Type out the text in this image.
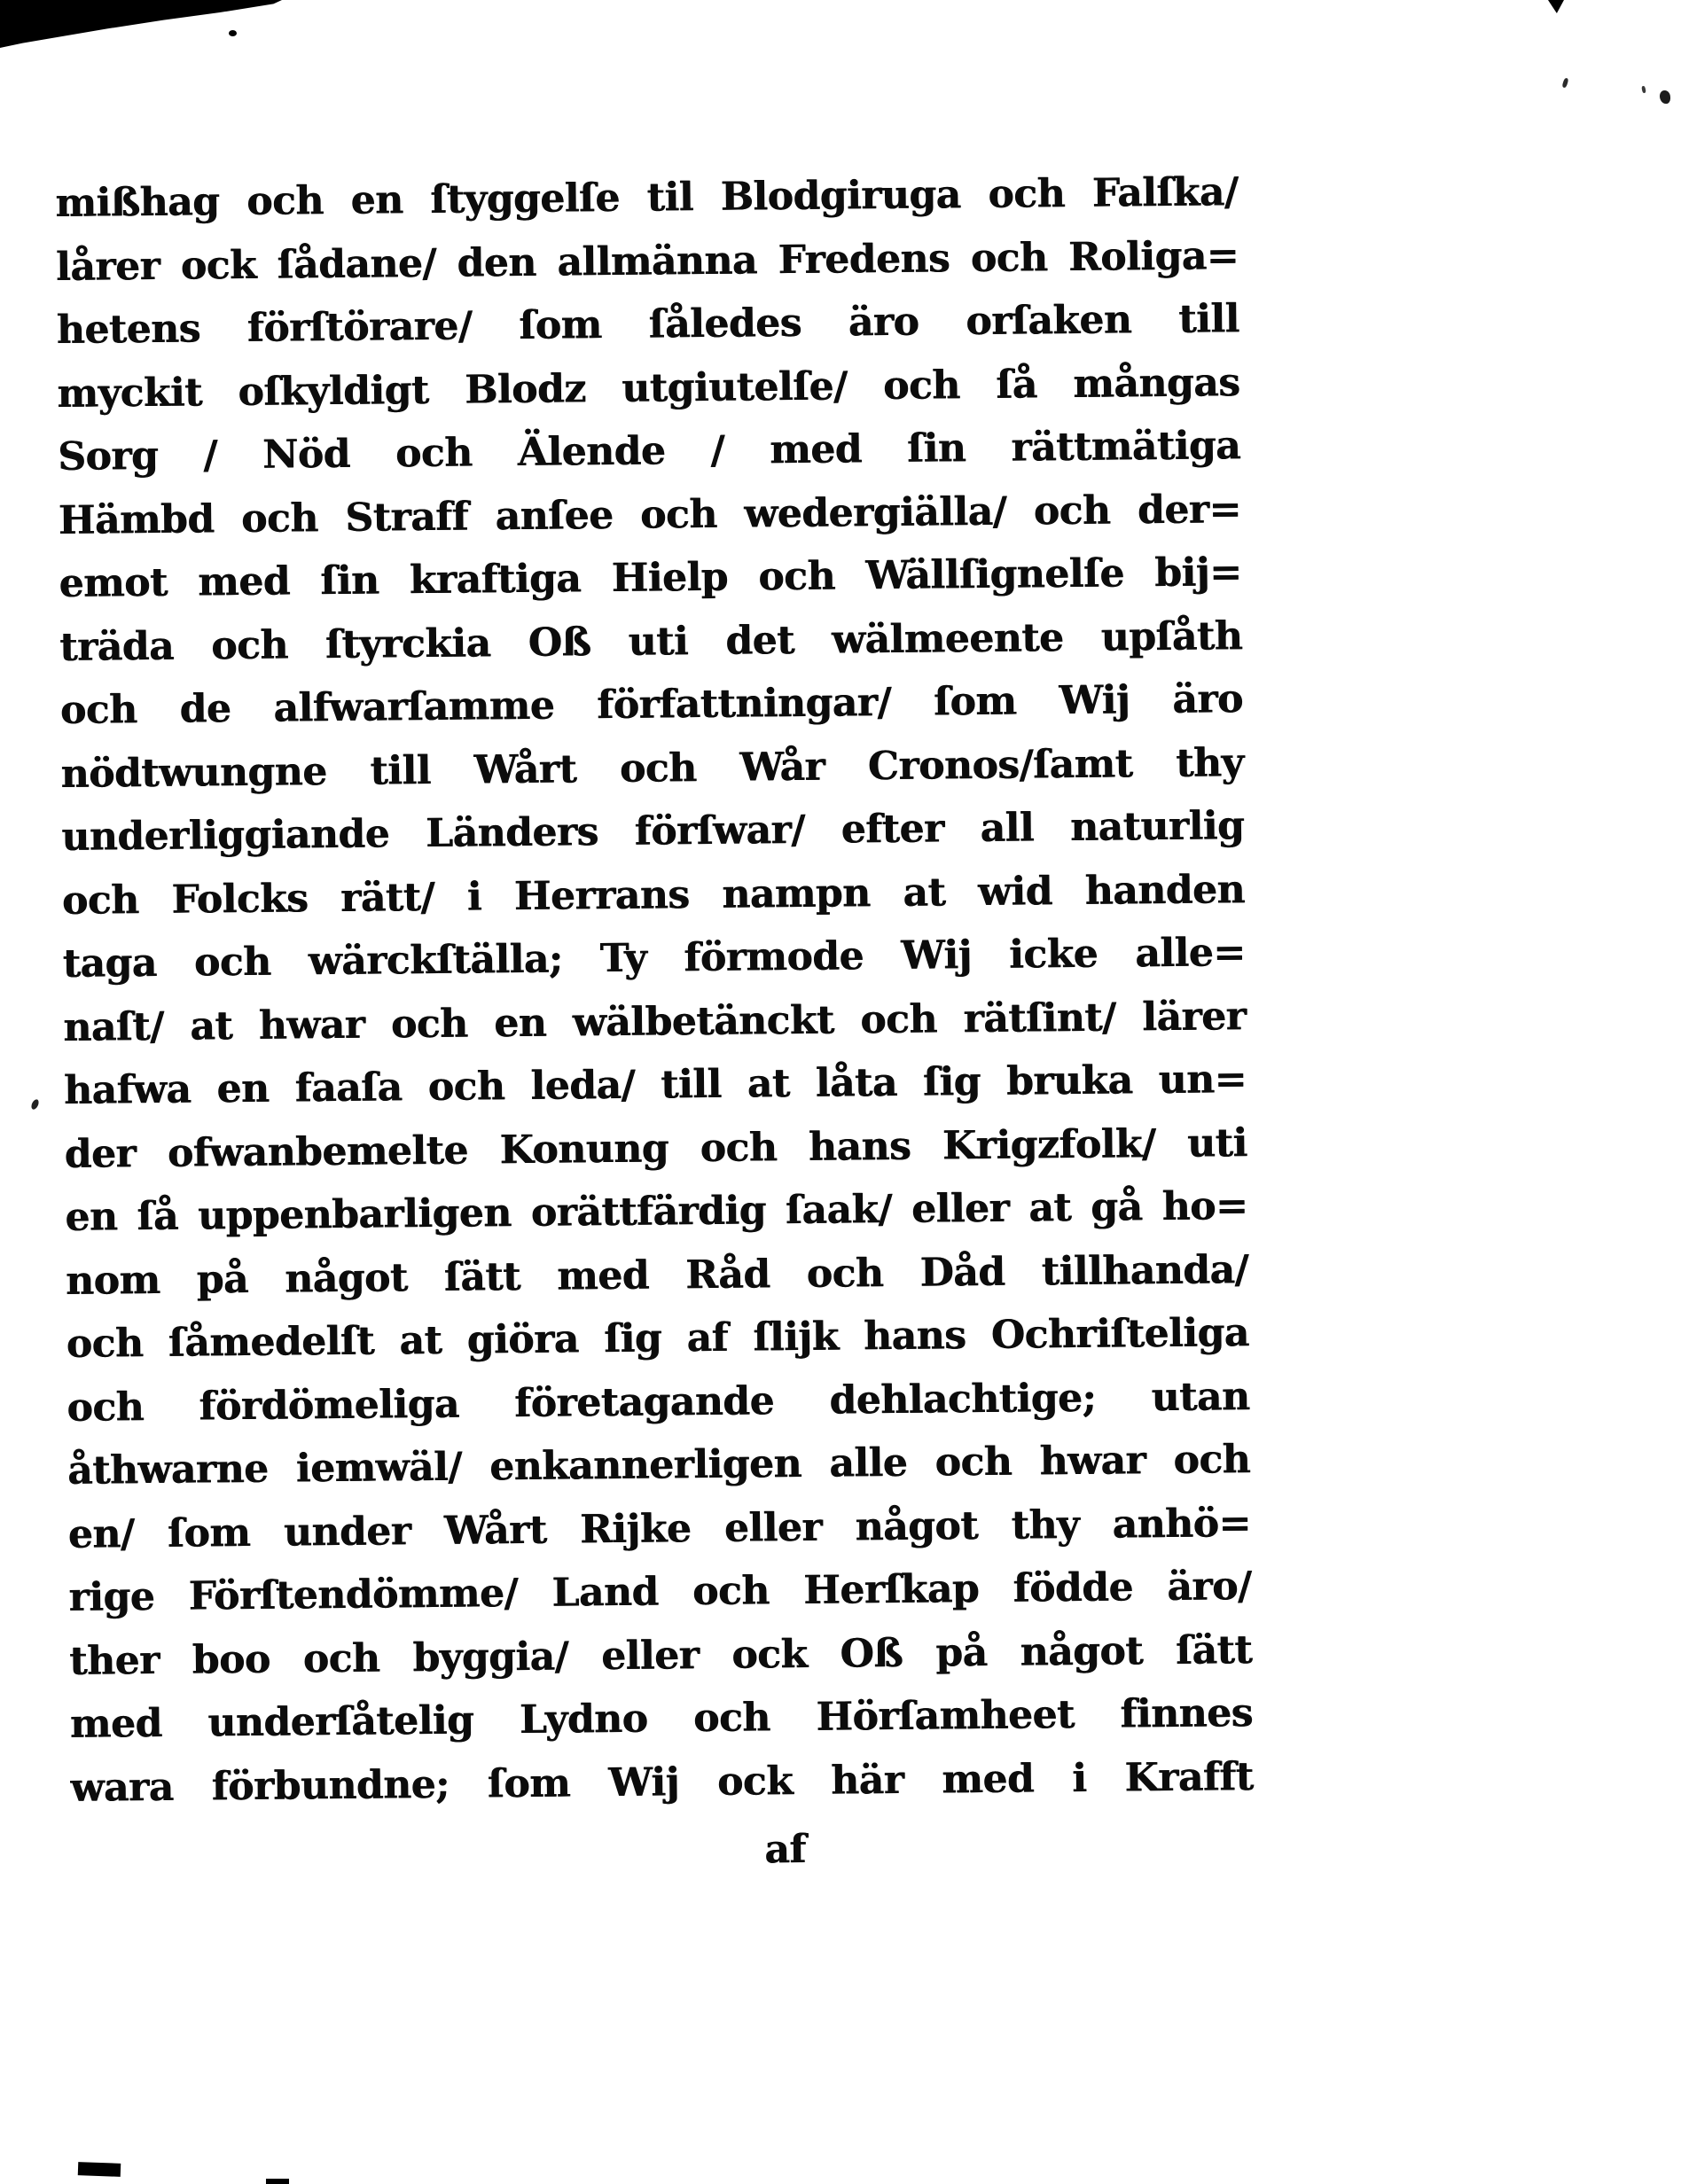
mißhag och en ſtyggelſe til Blodgiruga och Falſka/
lårer ock ſådane/ den allmänna Fredens och Roliga=
hetens förſtörare/ ſom ſåledes äro orſaken till
myckit oſkyldigt Blodz utgiutelſe/ och ſå mångas
Sorg / Nöd och Älende / med ſin rättmätiga
Hämbd och Straff anſee och wedergiälla/ och der=
emot med ſin kraftiga Hielp och Wällſignelſe bij=
träda och ſtyrckia Oß uti det wälmeente upſåth
och de alfwarſamme författningar/ ſom Wij äro
nödtwungne till Wårt och Wår Cronos/ſamt thy
underliggiande Länders förſwar/ efter all naturlig
och Folcks rätt/ i Herrans nampn at wid handen
taga och wärckſtälla; Ty förmode Wij icke alle=
naſt/ at hwar och en wälbetänckt och rätſint/ lärer
hafwa en faaſa och leda/ till at låta ſig bruka un=
der ofwanbemelte Konung och hans Krigzfolk/ uti
en ſå uppenbarligen orättfärdig ſaak/ eller at gå ho=
nom på något ſätt med Råd och Dåd tillhanda/
och ſåmedelſt at giöra ſig af ſlijk hans Ochriſteliga
och fördömeliga företagande dehlachtige; utan
åthwarne iemwäl/ enkannerligen alle och hwar och
en/ ſom under Wårt Rijke eller något thy anhö=
rige Förſtendömme/ Land och Herſkap födde äro/
ther boo och byggia/ eller ock Oß på något ſätt
med underſåtelig Lydno och Hörſamheet finnes
wara förbundne; ſom Wij ock här med i Krafft
af
